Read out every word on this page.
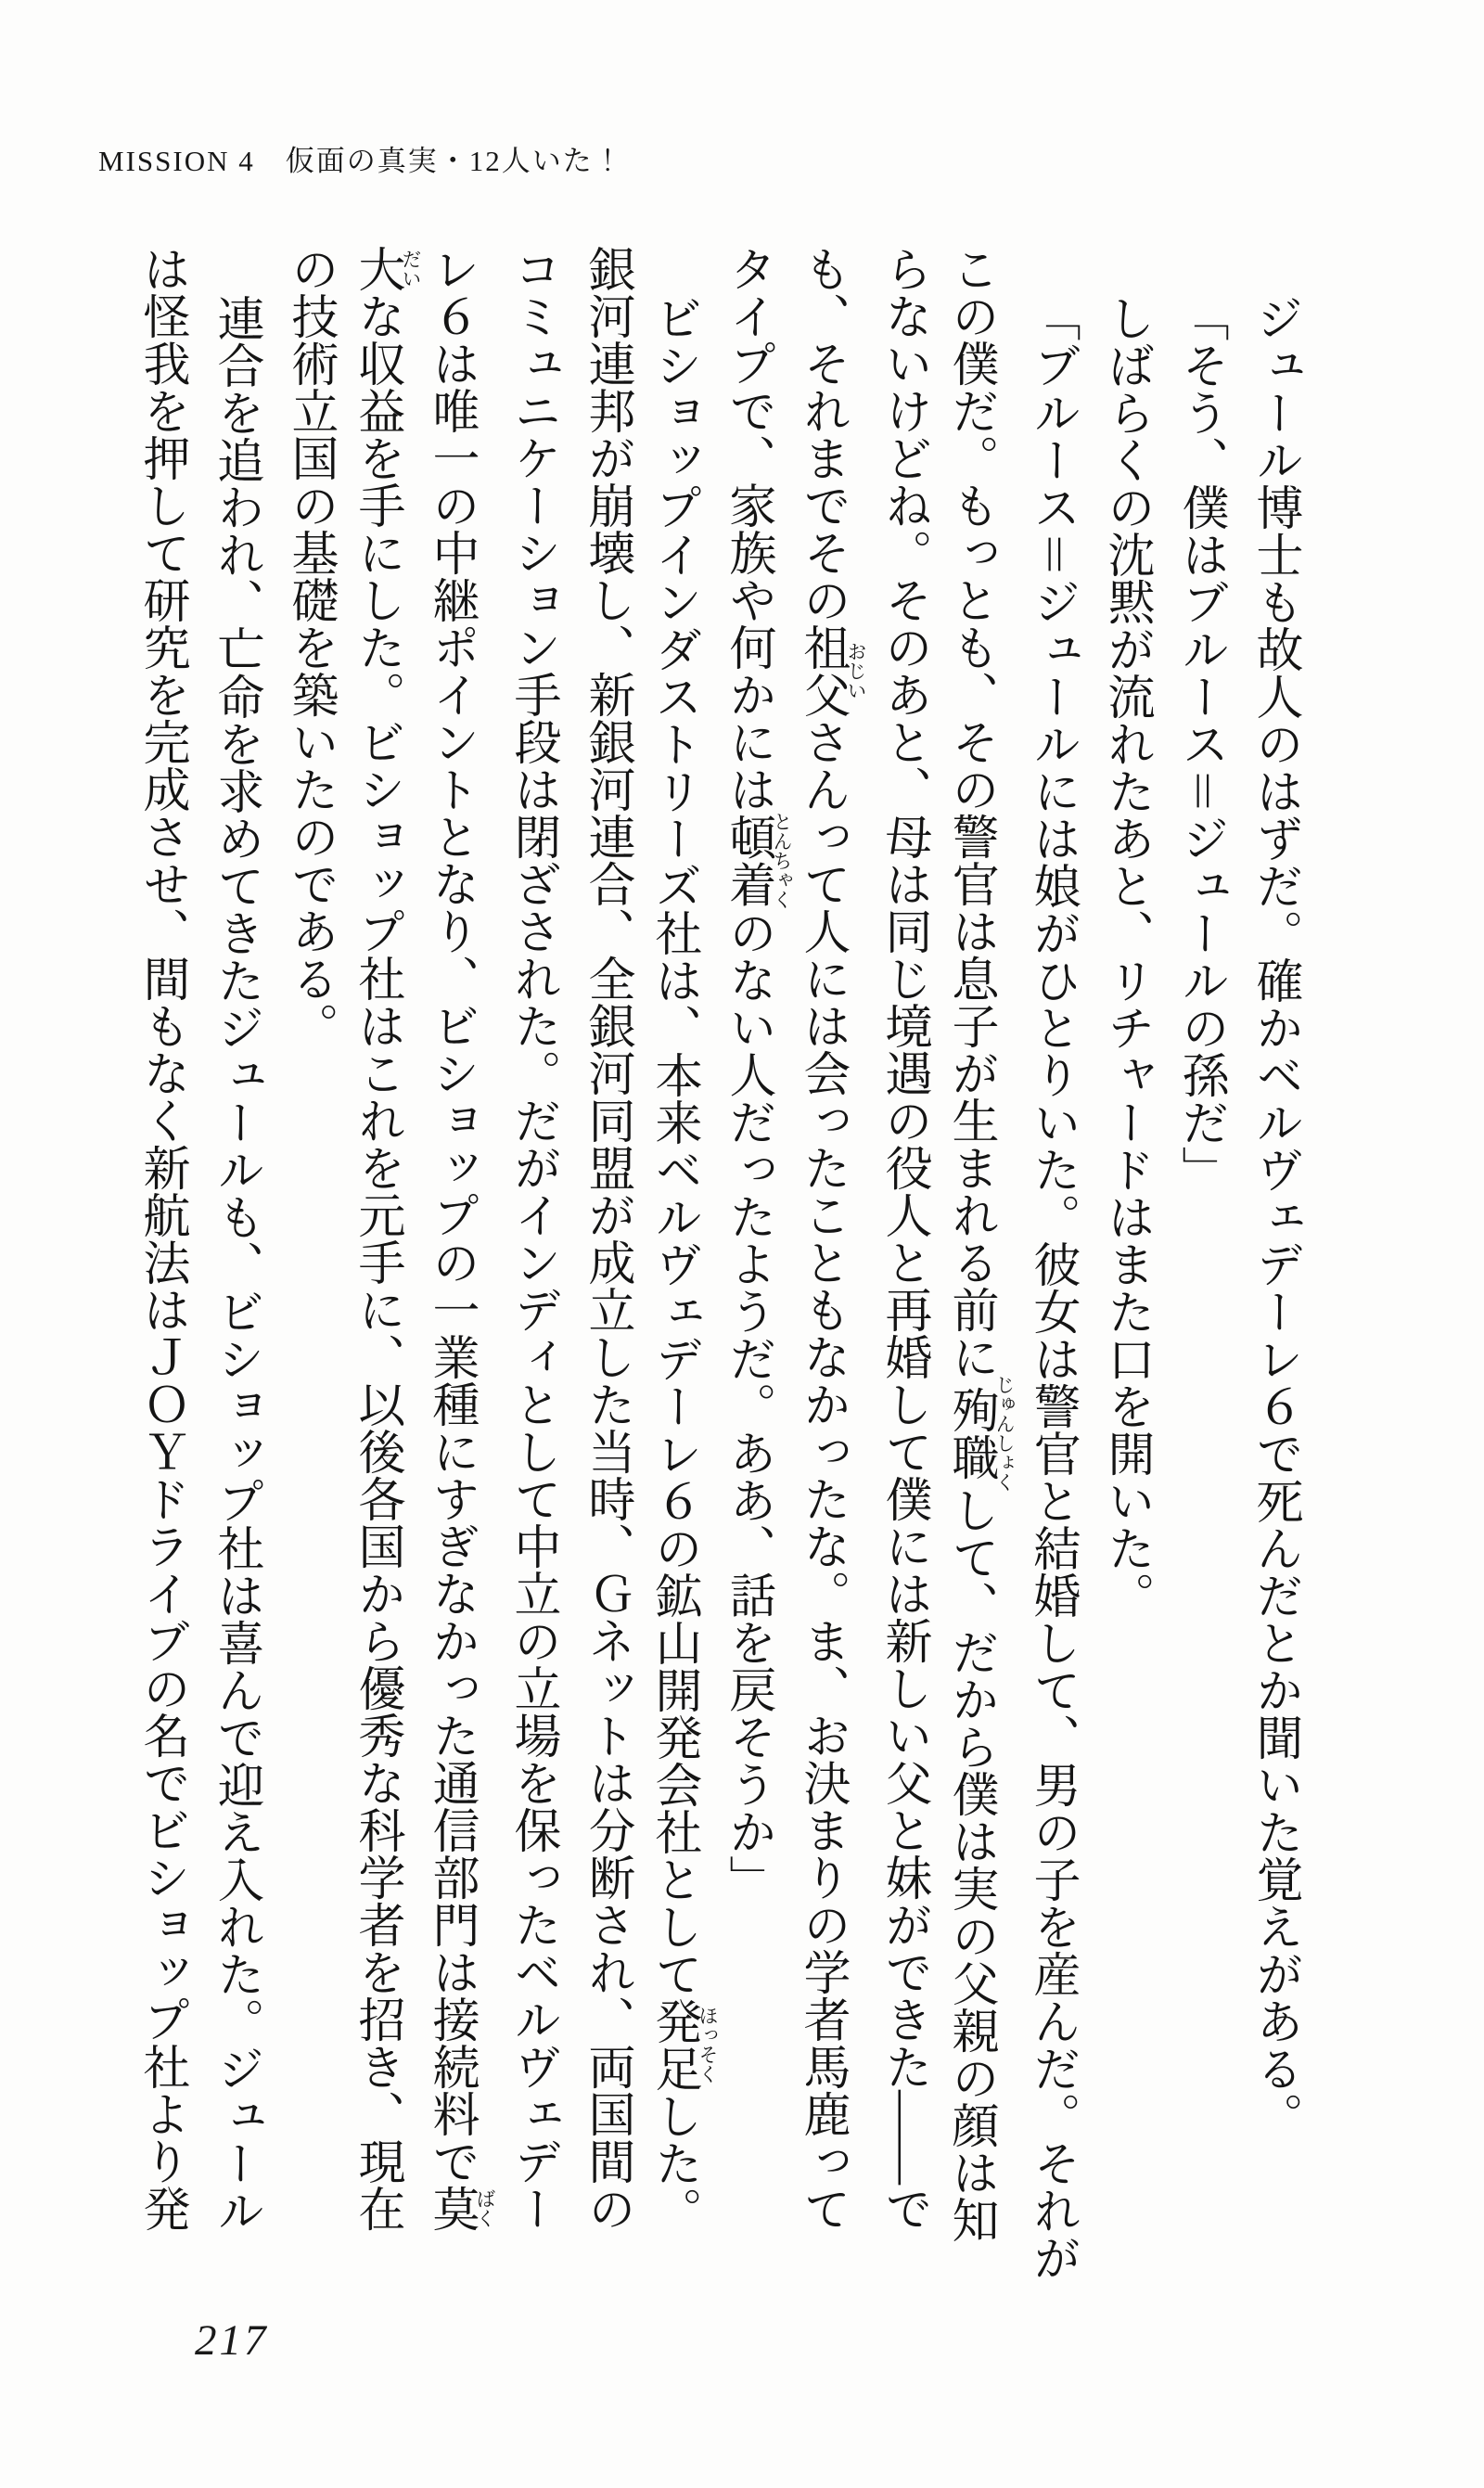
MISSION 4　仮面の真実・12人いた！
ジュール博士も故人のはずだ。確かベルヴェデーレ６で死んだとか聞いた覚えがある。
「そう、僕はブルース＝ジュールの孫だ」
しばらくの沈黙が流れたあと、リチャードはまた口を開いた。
「ブルース＝ジュールには娘がひとりいた。彼女は警官と結婚して、男の子を産んだ。それが
この僕だ。もっとも、その警官は息子が生まれる前に殉職じゅんしょくして、だから僕は実の父親の顔は知
らないけどね。そのあと、母は同じ境遇の役人と再婚して僕には新しい父と妹ができた――で
も、それまでその祖父おじいさんって人には会ったこともなかったな。ま、お決まりの学者馬鹿って
タイプで、家族や何かには頓着とんちゃくのない人だったようだ。ああ、話を戻そうか」
ビショップインダストリーズ社は、本来ベルヴェデーレ６の鉱山開発会社として発足ほっそくした。
銀河連邦が崩壊し、新銀河連合、全銀河同盟が成立した当時、Ｇネットは分断され、両国間の
コミュニケーション手段は閉ざされた。だがインディとして中立の立場を保ったベルヴェデー
レ６は唯一の中継ポイントとなり、ビショップの一業種にすぎなかった通信部門は接続料で莫ばく
大だいな収益を手にした。ビショップ社はこれを元手に、以後各国から優秀な科学者を招き、現在
の技術立国の基礎を築いたのである。
連合を追われ、亡命を求めてきたジュールも、ビショップ社は喜んで迎え入れた。ジュール
は怪我を押して研究を完成させ、間もなく新航法はＪＯＹドライブの名でビショップ社より発
217
